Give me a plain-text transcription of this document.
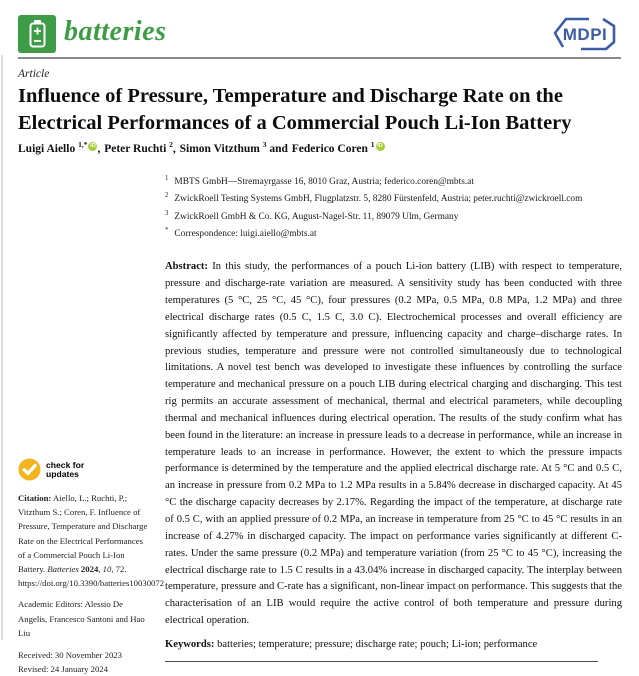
batteries	MDPI
Article
Influence of Pressure, Temperature and Discharge Rate on the
Electrical Performances of a Commercial Pouch Li-Ion Battery
Luigi Aiello $^{1,*}$ iD , Peter Ruchti $^2$, Simon Vitzthum $^3$ and Federico Coren $^1$ iD
$^1$ MBTS GmbH—Stremayrgasse 16, 8010 Graz, Austria; federico.coren@mbts.at
$^2$ ZwickRoell Testing Systems GmbH, Flugplatzstr. 5, 8280 Fürstenfeld, Austria; peter.ruchti@zwickroell.com
$^3$ ZwickRoell GmbH & Co. KG, August-Nagel-Str. 11, 89079 Ulm, Germany
* Correspondence: luigi.aiello@mbts.at
Abstract: In this study, the performances of a pouch Li-ion battery (LIB) with respect to temperature, pressure and discharge-rate variation are measured. A sensitivity study has been conducted with three temperatures (5 °C, 25 °C, 45 °C), four pressures (0.2 MPa, 0.5 MPa, 0.8 MPa, 1.2 MPa) and three electrical discharge rates (0.5 C, 1.5 C, 3.0 C). Electrochemical processes and overall efficiency are significantly affected by temperature and pressure, influencing capacity and charge–discharge rates. In previous studies, temperature and pressure were not controlled simultaneously due to technological limitations. A novel test bench was developed to investigate these influences by controlling the surface temperature and mechanical pressure on a pouch LIB during electrical charging and discharging. This test rig permits an accurate assessment of mechanical, thermal and electrical parameters, while decoupling thermal and mechanical influences during electrical operation. The results of the study confirm what has been found in the literature: an increase in pressure leads to a decrease in performance, while an increase in temperature leads to an increase in performance. However, the extent to which the pressure impacts performance is determined by the temperature and the applied electrical discharge rate. At 5 °C and 0.5 C, an increase in pressure from 0.2 MPa to 1.2 MPa results in a 5.84% decrease in discharged capacity. At 45 °C the discharge capacity decreases by 2.17%. Regarding the impact of the temperature, at discharge rate of 0.5 C, with an applied pressure of 0.2 MPa, an increase in temperature from 25 °C to 45 °C results in an increase of 4.27% in discharged capacity. The impact on performance varies significantly at different C-rates. Under the same pressure (0.2 MPa) and temperature variation (from 25 °C to 45 °C), increasing the electrical discharge rate to 1.5 C results in a 43.04% increase in discharged capacity. The interplay between temperature, pressure and C-rate has a significant, non-linear impact on performance. This suggests that the characterisation of an LIB would require the active control of both temperature and pressure during electrical operation.
Keywords: batteries; temperature; pressure; discharge rate; pouch; Li-ion; performance
check for
updates
Citation: Aiello, L.; Ruchti, P.; Vitzthum S.; Coren, F. Influence of Pressure, Temperature and Discharge Rate on the Electrical Performances of a Commercial Pouch Li-Ion Battery. Batteries 2024, 10, 72. https://doi.org/10.3390/batteries10030072
Academic Editors: Alessio De Angelis, Francesco Santoni and Hao Liu
Received: 30 November 2023
Revised: 24 January 2024
